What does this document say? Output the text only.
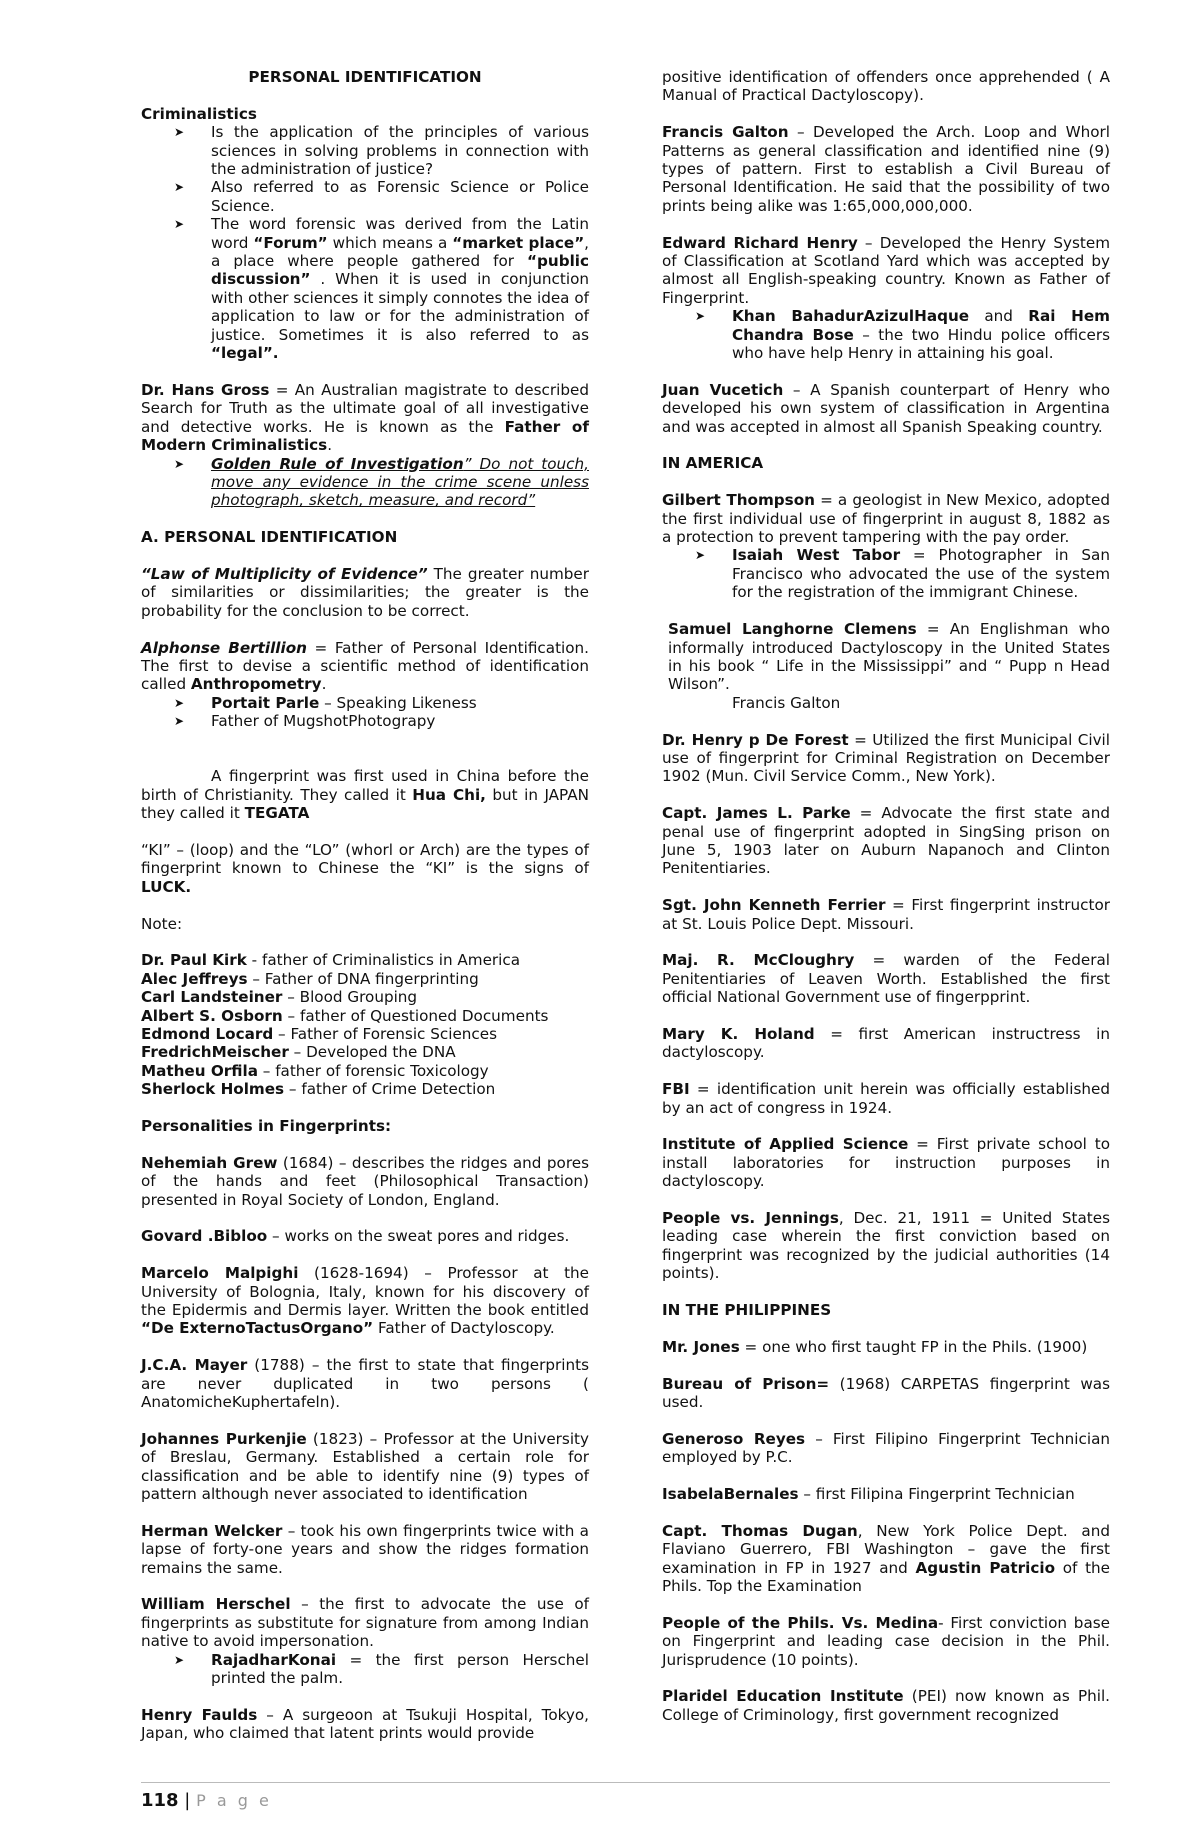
PERSONAL IDENTIFICATION
Criminalistics
➤ Is the application of the principles of various sciences in solving problems in connection with the administration of justice?
➤ Also referred to as Forensic Science or Police Science.
➤ The word forensic was derived from the Latin word “Forum” which means a “market place”, a place where people gathered for “public discussion” . When it is used in conjunction with other sciences it simply connotes the idea of application to law or for the administration of justice. Sometimes it is also referred to as “legal”.

Dr. Hans Gross = An Australian magistrate to described Search for Truth as the ultimate goal of all investigative and detective works. He is known as the Father of Modern Criminalistics.

➤ Golden Rule of Investigation” Do not touch, move any evidence in the crime scene unless photograph, sketch, measure, and record”
A. PERSONAL IDENTIFICATION

“Law of Multiplicity of Evidence” The greater number of similarities or dissimilarities; the greater is the probability for the conclusion to be correct.

Alphonse Bertillion = Father of Personal Identification. The first to devise a scientific method of identification called Anthropometry.

➤ Portait Parle – Speaking Likeness
➤ Father of MugshotPhotograpy

A fingerprint was first used in China before the birth of Christianity. They called it Hua Chi, but in JAPAN they called it TEGATA

“KI” – (loop) and the “LO” (whorl or Arch) are the types of fingerprint known to Chinese the “KI” is the signs of LUCK.

Note:

Dr. Paul Kirk - father of Criminalistics in America
Alec Jeffreys – Father of DNA fingerprinting
Carl Landsteiner – Blood Grouping
Albert S. Osborn – father of Questioned Documents
Edmond Locard – Father of Forensic Sciences
FredrichMeischer – Developed the DNA
Matheu Orfila – father of forensic Toxicology
Sherlock Holmes – father of Crime Detection
Personalities in Fingerprints:

Nehemiah Grew (1684) – describes the ridges and pores of the hands and feet (Philosophical Transaction) presented in Royal Society of London, England.

Govard .Bibloo – works on the sweat pores and ridges.

Marcelo Malpighi (1628-1694) – Professor at the University of Bolognia, Italy, known for his discovery of the Epidermis and Dermis layer. Written the book entitled “De ExternoTactusOrgano” Father of Dactyloscopy.

J.C.A. Mayer (1788) – the first to state that fingerprints are never duplicated in two persons ( AnatomicheKuphertafeln).

Johannes Purkenjie (1823) – Professor at the University of Breslau, Germany. Established a certain role for classification and be able to identify nine (9) types of pattern although never associated to identification

Herman Welcker – took his own fingerprints twice with a lapse of forty-one years and show the ridges formation remains the same.

William Herschel – the first to advocate the use of fingerprints as substitute for signature from among Indian native to avoid impersonation.

➤ RajadharKonai = the first person Herschel printed the palm.

Henry Faulds – A surgeoon at Tsukuji Hospital, Tokyo, Japan, who claimed that latent prints would provide

positive identification of offenders once apprehended ( A Manual of Practical Dactyloscopy).

Francis Galton – Developed the Arch. Loop and Whorl Patterns as general classification and identified nine (9) types of pattern. First to establish a Civil Bureau of Personal Identification. He said that the possibility of two prints being alike was 1:65,000,000,000.

Edward Richard Henry – Developed the Henry System of Classification at Scotland Yard which was accepted by almost all English-speaking country. Known as Father of Fingerprint.

➤ Khan BahadurAzizulHaque and Rai Hem Chandra Bose – the two Hindu police officers who have help Henry in attaining his goal.

Juan Vucetich – A Spanish counterpart of Henry who developed his own system of classification in Argentina and was accepted in almost all Spanish Speaking country.

IN AMERICA

Gilbert Thompson = a geologist in New Mexico, adopted the first individual use of fingerprint in august 8, 1882 as a protection to prevent tampering with the pay order.

➤ Isaiah West Tabor = Photographer in San Francisco who advocated the use of the system for the registration of the immigrant Chinese.

Samuel Langhorne Clemens = An Englishman who informally introduced Dactyloscopy in the United States in his book “ Life in the Mississippi” and “ Pupp n Head Wilson”.

Francis Galton

Dr. Henry p De Forest = Utilized the first Municipal Civil use of fingerprint for Criminal Registration on December 1902 (Mun. Civil Service Comm., New York).

Capt. James L. Parke = Advocate the first state and penal use of fingerprint adopted in SingSing prison on June 5, 1903 later on Auburn Napanoch and Clinton Penitentiaries.

Sgt. John Kenneth Ferrier = First fingerprint instructor at St. Louis Police Dept. Missouri.

Maj. R. McCloughry = warden of the Federal Penitentiaries of Leaven Worth. Established the first official National Government use of fingerpprint.

Mary K. Holand = first American instructress in dactyloscopy.

FBI = identification unit herein was officially established by an act of congress in 1924.

Institute of Applied Science = First private school to install laboratories for instruction purposes in dactyloscopy.

People vs. Jennings, Dec. 21, 1911 = United States leading case wherein the first conviction based on fingerprint was recognized by the judicial authorities (14 points).

IN THE PHILIPPINES

Mr. Jones = one who first taught FP in the Phils. (1900)

Bureau of Prison= (1968) CARPETAS fingerprint was used.

Generoso Reyes – First Filipino Fingerprint Technician employed by P.C.

IsabelaBernales – first Filipina Fingerprint Technician

Capt. Thomas Dugan, New York Police Dept. and Flaviano Guerrero, FBI Washington – gave the first examination in FP in 1927 and Agustin Patricio of the Phils. Top the Examination

People of the Phils. Vs. Medina- First conviction base on Fingerprint and leading case decision in the Phil. Jurisprudence (10 points).

Plaridel Education Institute (PEI) now known as Phil. College of Criminology, first government recognized

118 | P a g e
